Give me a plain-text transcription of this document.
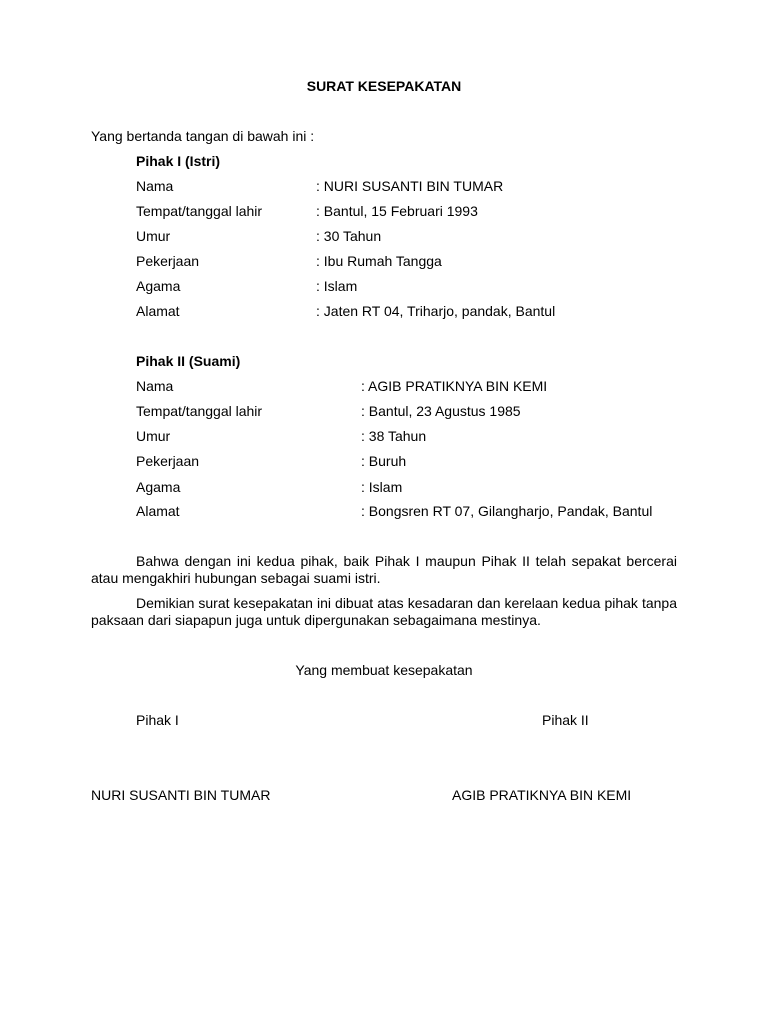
SURAT KESEPAKATAN
Yang bertanda tangan di bawah ini :
Pihak I (Istri)
Nama	: NURI SUSANTI BIN TUMAR
Tempat/tanggal lahir	: Bantul, 15 Februari 1993
Umur	: 30 Tahun
Pekerjaan	: Ibu Rumah Tangga
Agama	: Islam
Alamat	: Jaten RT 04, Triharjo, pandak, Bantul
Pihak II (Suami)
Nama	: AGIB PRATIKNYA BIN KEMI
Tempat/tanggal lahir	: Bantul, 23 Agustus 1985
Umur	: 38 Tahun
Pekerjaan	: Buruh
Agama	: Islam
Alamat	: Bongsren RT 07, Gilangharjo, Pandak, Bantul

Bahwa dengan ini kedua pihak, baik Pihak I maupun Pihak II telah sepakat bercerai atau mengakhiri hubungan sebagai suami istri.

Demikian surat kesepakatan ini dibuat atas kesadaran dan kerelaan kedua pihak tanpa paksaan dari siapapun juga untuk dipergunakan sebagaimana mestinya.

Yang membuat kesepakatan
Pihak I	Pihak II
NURI SUSANTI BIN TUMAR	AGIB PRATIKNYA BIN KEMI
